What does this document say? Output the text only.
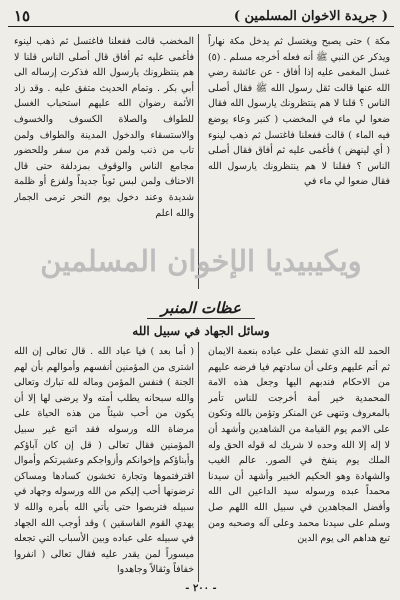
( جريدة الاخوان المسلمين )
١٥

مكة ) حتى يصبح ويغتسل ثم يدخل مكة نهاراً ويذكر عن النبي ﷺ أنه فعله أخرجه مسلم . (٥) غسل المغمى عليه إذا أفاق - عن عائشة رضي الله عنها قالت ثقل رسول الله ﷺ فقال أصلى الناس ؟ قلنا لا هم ينتظرونك يارسول الله فقال ضعوا لي ماء في المخضب ( كنبر وعاء يوضع فيه الماء ) قالت ففعلنا فاغتسل ثم ذهب لينوء ( أي لينهض ) فأغمى عليه ثم أفاق فقال أصلى الناس ؟ فقلنا لا هم ينتظرونك يارسول الله فقال ضعوا لي ماء في

المخضب قالت ففعلنا فاغتسل ثم ذهب لينوء فأغمى عليه ثم أفاق قال أصلى الناس قلنا لا هم ينتظرونك يارسول الله فذكرت إرساله الى أبي بكر . وتمام الحديث متفق عليه . وقد زاد الأئمة رضوان الله عليهم استحباب الغسل للطواف والصلاة الكسوف والخسوف والاستسقاء والدخول المدينة والطواف ولمن تاب من ذنب ولمن قدم من سفر وللحضور مجامع الناس والوقوف بمزدلفة حتى قال الاحناف ولمن لبس ثوباً جديداً ولفزع أو ظلمة شديدة وعند دخول يوم النحر ترمى الجمار والله اعلم

ويكيبيديا الإخوان المسلمين
عظات المنبر
وسائل الجهاد في سبيل الله

الحمد لله الذي تفضل على عباده بنعمة الايمان ثم أتم عليهم وعلى أن سادتهم فيا فرضه عليهم من الاحكام فندبهم اليها وجعل هذه الامة المحمدية خير أمة أخرجت للناس تأمر بالمعروف وتنهى عن المنكر وتؤمن بالله وتكون على الامم يوم القيامة من الشاهدين وأشهد أن لا إله إلا الله وحده لا شريك له قوله الحق وله الملك يوم ينفخ في الصور. عالم الغيب والشهادة وهو الحكيم الخبير وأشهد أن سيدنا محمداً عبده ورسوله سيد الداعين الى الله وأفضل المجاهدين في سبيل الله اللهم صل وسلم على سيدنا محمد وعلى آله وصحبه ومن تبع هداهم الى يوم الدين

( أما بعد ) فيا عباد الله . قال تعالى إن الله اشترى من المؤمنين أنفسهم وأموالهم بأن لهم الجنة ) فنفس المؤمن وماله لله تبارك وتعالى والله سبحانه يطلب أمته ولا يرضى لها إلا أن يكون من أحب شيئاً من هذه الحياة على مرضاة الله ورسوله فقد اتبع غير سبيل المؤمنين فقال تعالى ( قل إن كان آباؤكم وأبناؤكم وإخوانكم وأزواجكم وعشيرتكم وأموال اقترفتموها وتجارة تخشون كسادها ومساكن ترضونها أحب إليكم من الله ورسوله وجهاد في سبيله فتربصوا حتى يأتي الله بأمره والله لا يهدي القوم الفاسقين ) وقد أوجب الله الجهاد في سبيله على عباده وبين الأسباب التي تجعله ميسوراً لمن يقدر عليه فقال تعالى ( انفروا خفافاً وثقالاً وجاهدوا

- ٢٠٠ -
